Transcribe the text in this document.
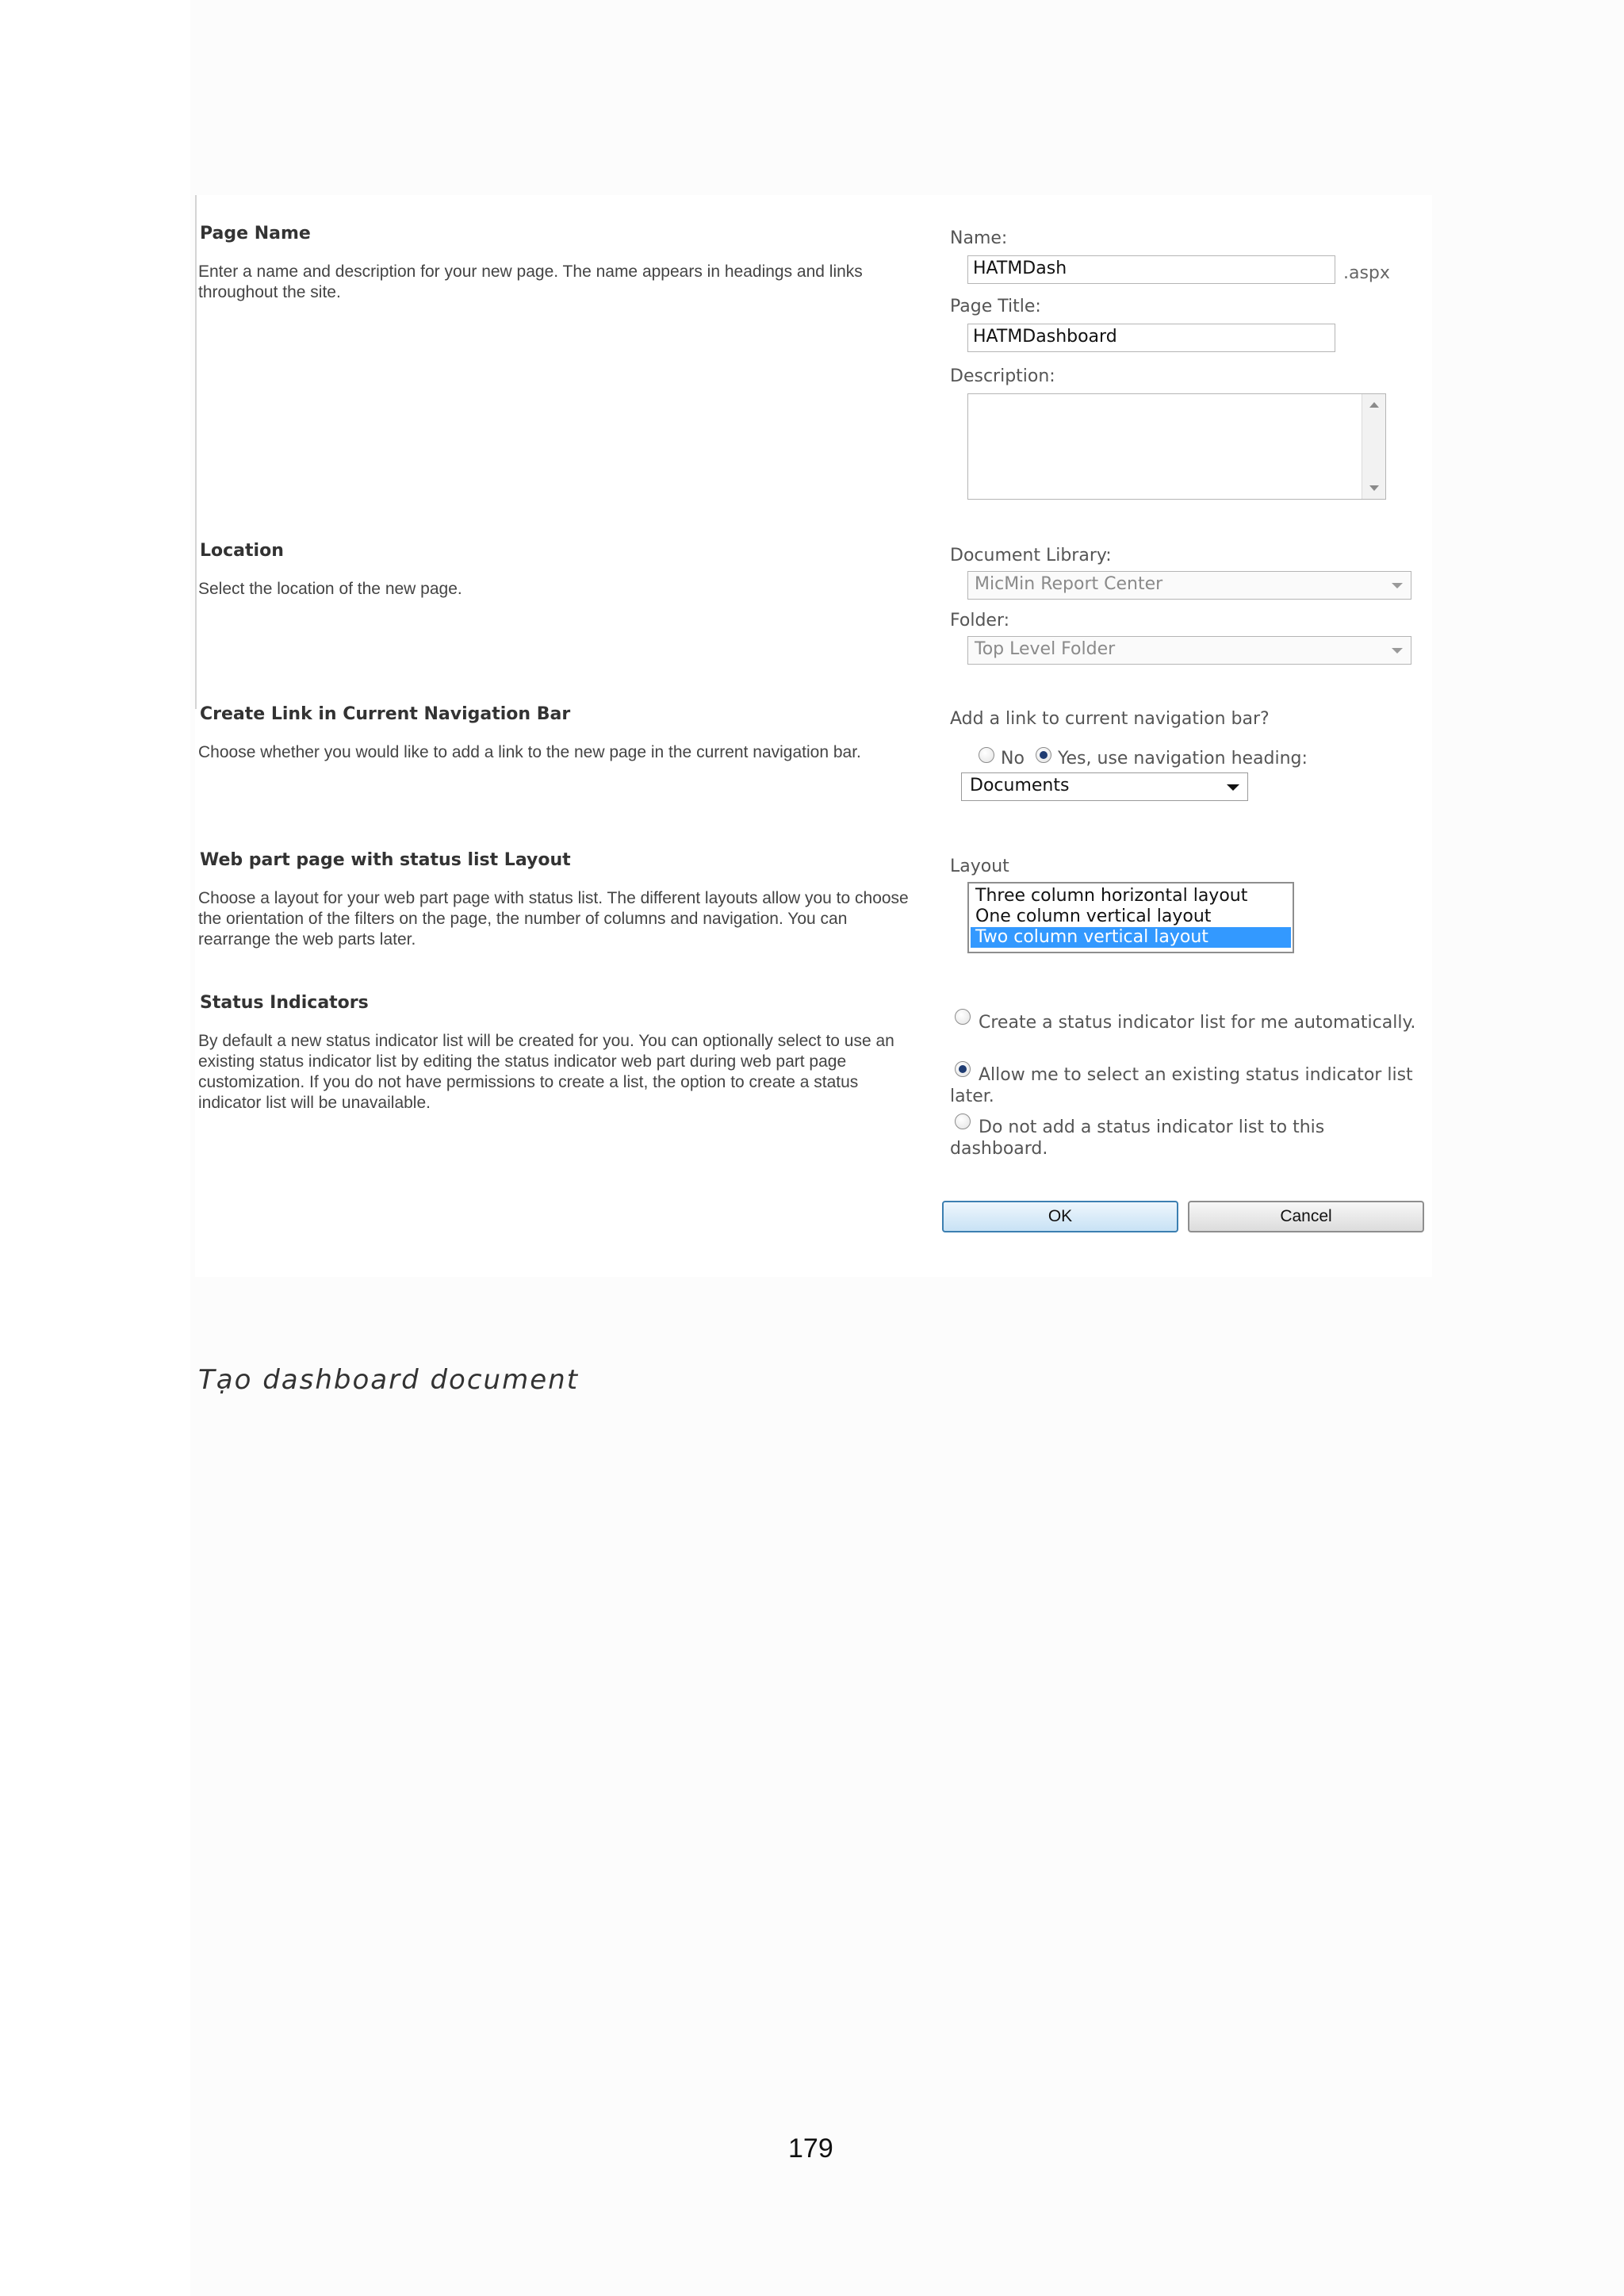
Page Name
Enter a name and description for your new page. The name appears in headings and links throughout the site.
Name:
HATMDash	.aspx
Page Title:
HATMDashboard
Description:
Location
Select the location of the new page.
Document Library:
MicMin Report Center
Folder:
Top Level Folder
Create Link in Current Navigation Bar
Choose whether you would like to add a link to the new page in the current navigation bar.
Add a link to current navigation bar?
No Yes, use navigation heading:
Documents
Web part page with status list Layout
Choose a layout for your web part page with status list. The different layouts allow you to choose the orientation of the filters on the page, the number of columns and navigation. You can rearrange the web parts later.
Layout
Three column horizontal layout
One column vertical layout
Two column vertical layout
Status Indicators
By default a new status indicator list will be created for you. You can optionally select to use an existing status indicator list by editing the status indicator web part during web part page customization. If you do not have permissions to create a list, the option to create a status indicator list will be unavailable.
Create a status indicator list for me automatically.
Allow me to select an existing status indicator list later.
Do not add a status indicator list to this dashboard.
OK	Cancel
Tạo dashboard document
179
